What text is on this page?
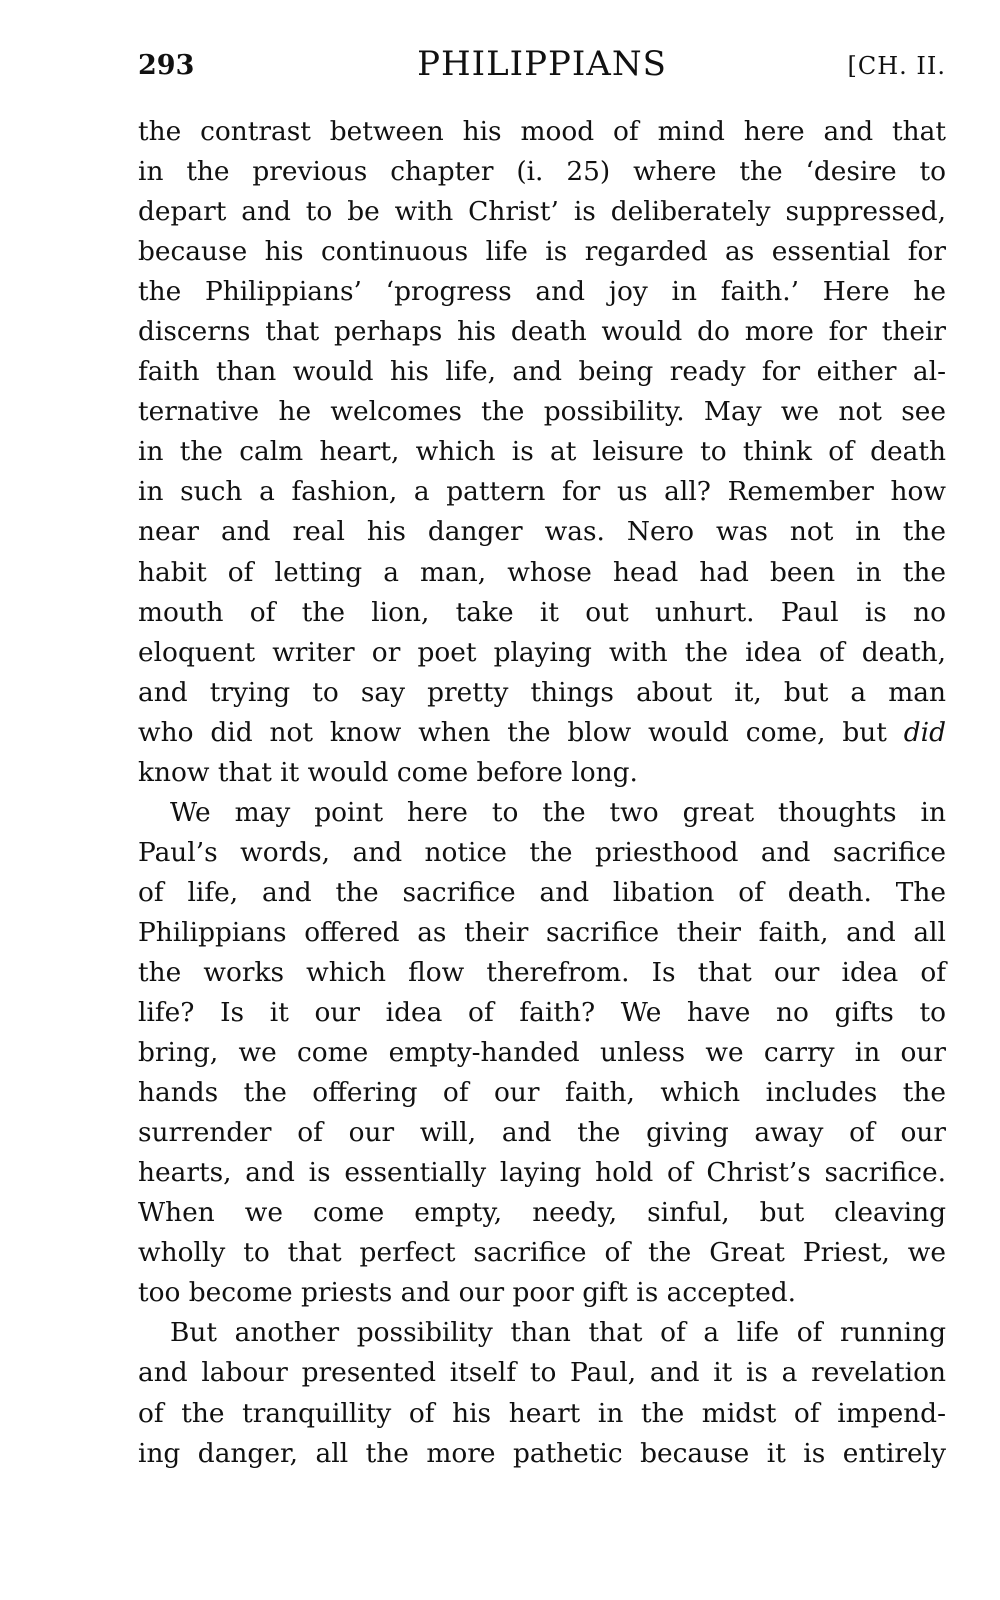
293	PHILIPPIANS	[CH. II.
the contrast between his mood of mind here and that
in the previous chapter (i. 25) where the ‘desire to
depart and to be with Christ’ is deliberately suppressed,
because his continuous life is regarded as essential for
the Philippians’ ‘progress and joy in faith.’ Here he
discerns that perhaps his death would do more for their
faith than would his life, and being ready for either al-
ternative he welcomes the possibility. May we not see
in the calm heart, which is at leisure to think of death
in such a fashion, a pattern for us all? Remember how
near and real his danger was. Nero was not in the
habit of letting a man, whose head had been in the
mouth of the lion, take it out unhurt. Paul is no
eloquent writer or poet playing with the idea of death,
and trying to say pretty things about it, but a man
who did not know when the blow would come, but did
know that it would come before long.
We may point here to the two great thoughts in
Paul’s words, and notice the priesthood and sacrifice
of life, and the sacrifice and libation of death. The
Philippians offered as their sacrifice their faith, and all
the works which flow therefrom. Is that our idea of
life? Is it our idea of faith? We have no gifts to
bring, we come empty-handed unless we carry in our
hands the offering of our faith, which includes the
surrender of our will, and the giving away of our
hearts, and is essentially laying hold of Christ’s sacrifice.
When we come empty, needy, sinful, but cleaving
wholly to that perfect sacrifice of the Great Priest, we
too become priests and our poor gift is accepted.
But another possibility than that of a life of running
and labour presented itself to Paul, and it is a revelation
of the tranquillity of his heart in the midst of impend-
ing danger, all the more pathetic because it is entirely
